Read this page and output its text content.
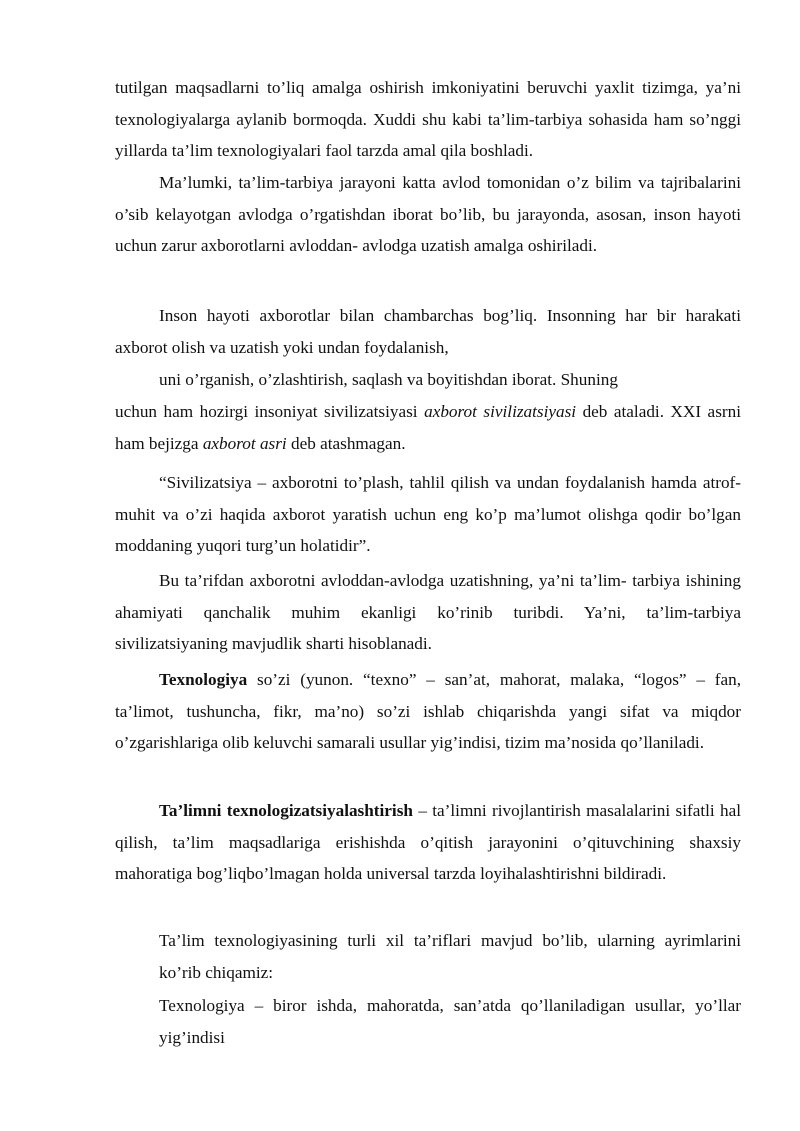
tutilgan maqsadlarni to’liq amalga oshirish imkoniyatini beruvchi yaxlit tizimga, ya’ni texnologiyalarga aylanib bormoqda. Xuddi shu kabi ta’lim-tarbiya sohasida ham so’nggi yillarda ta’lim texnologiyalari faol tarzda amal qila boshladi.

Ma’lumki, ta’lim-tarbiya jarayoni katta avlod tomonidan o’z bilim va tajribalarini o’sib kelayotgan avlodga o’rgatishdan iborat bo’lib, bu jarayonda, asosan, inson hayoti uchun zarur axborotlarni avloddan- avlodga uzatish amalga oshiriladi.

Inson hayoti axborotlar bilan chambarchas bog’liq. Insonning har bir harakati axborot olish va uzatish yoki undan foydalanish,

uni o’rganish, o’zlashtirish, saqlash va boyitishdan iborat. Shuning

uchun ham hozirgi insoniyat sivilizatsiyasi axborot sivilizatsiyasi deb ataladi. XXI asrni ham bejizga axborot asri deb atashmagan.

“Sivilizatsiya – axborotni to’plash, tahlil qilish va undan foydalanish hamda atrof-muhit va o’zi haqida axborot yaratish uchun eng ko’p ma’lumot olishga qodir bo’lgan moddaning yuqori turg’un holatidir”.

Bu ta’rifdan axborotni avloddan-avlodga uzatishning, ya’ni ta’lim- tarbiya ishining ahamiyati qanchalik muhim ekanligi ko’rinib turibdi. Ya’ni, ta’lim-tarbiya sivilizatsiyaning mavjudlik sharti hisoblanadi.

Texnologiya so’zi (yunon. “texno” – san’at, mahorat, malaka, “logos” – fan, ta’limot, tushuncha, fikr, ma’no) so’zi ishlab chiqarishda yangi sifat va miqdor o’zgarishlariga olib keluvchi samarali usullar yig’indisi, tizim ma’nosida qo’llaniladi.

Ta’limni texnologizatsiyalashtirish – ta’limni rivojlantirish masalalarini sifatli hal qilish, ta’lim maqsadlariga erishishda o’qitish jarayonini o’qituvchining shaxsiy mahoratiga bog’liqbo’lmagan holda universal tarzda loyihalashtirishni bildiradi.

Ta’lim texnologiyasining turli xil ta’riflari mavjud bo’lib, ularning ayrimlarini ko’rib chiqamiz:

Texnologiya – biror ishda, mahoratda, san’atda qo’llaniladigan usullar, yo’llar yig’indisi
